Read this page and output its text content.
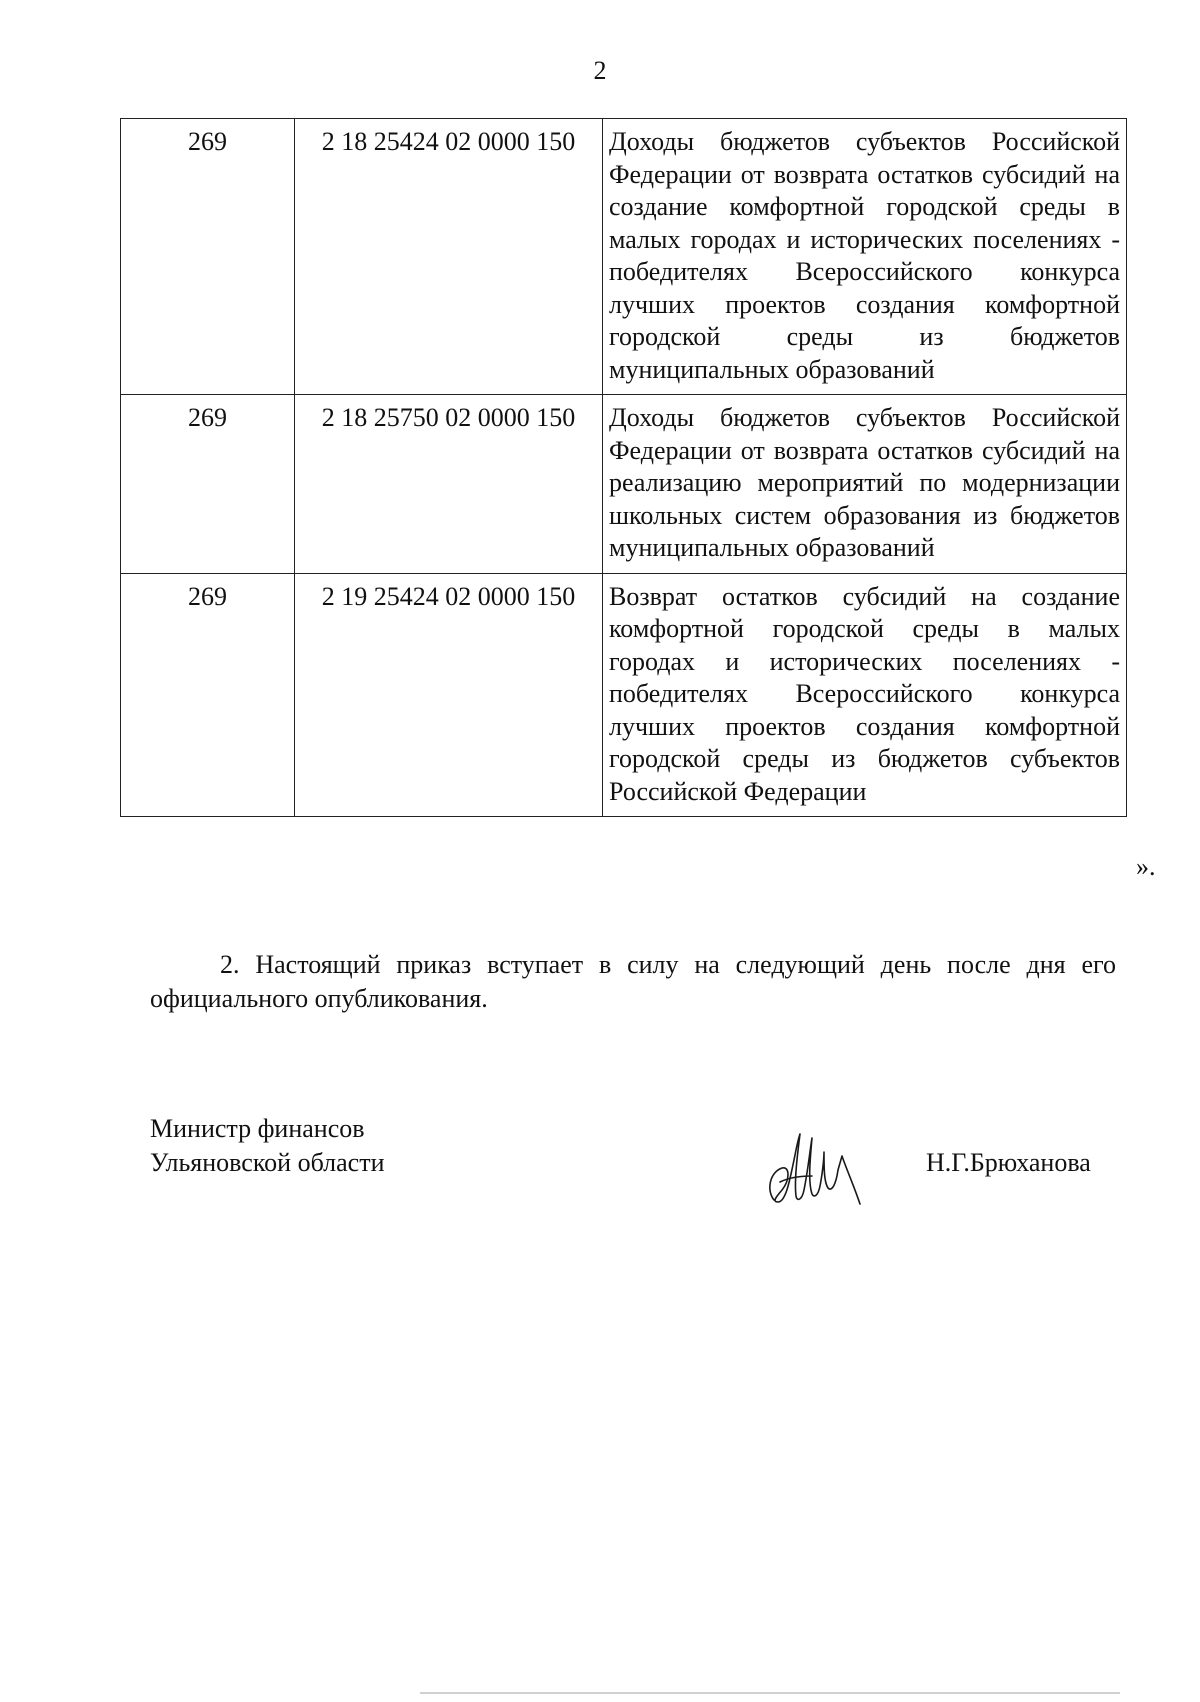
2
269	2 18 25424 02 0000 150	Доходы бюджетов субъектов Российской Федерации от возврата остатков субсидий на создание комфортной городской среды в малых городах и исторических поселениях - победителях Всероссийского конкурса лучших проектов создания комфортной городской среды из бюджетов муниципальных образований
269	2 18 25750 02 0000 150	Доходы бюджетов субъектов Российской Федерации от возврата остатков субсидий на реализацию мероприятий по модернизации школьных систем образования из бюджетов муниципальных образований
269	2 19 25424 02 0000 150	Возврат остатков субсидий на создание комфортной городской среды в малых городах и исторических поселениях - победителях Всероссийского конкурса лучших проектов создания комфортной городской среды из бюджетов субъектов Российской Федерации
».

2. Настоящий приказ вступает в силу на следующий день после дня его официального опубликования.

Министр финансов
Ульяновской области	Н.Г.Брюханова
